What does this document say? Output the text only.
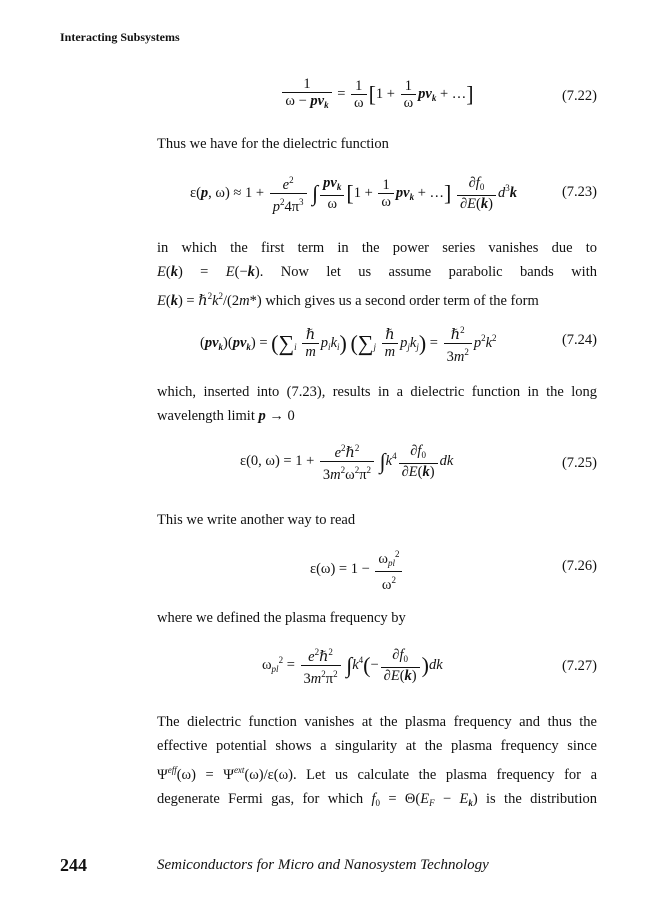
Interacting Subsystems
$\frac{1}{\omega - pv_k} = \frac{1}{\omega} [1 + \frac{1}{\omega} pv_k$ + …]	(7.22)
Thus we have for the dielectric function
ε(p, $\omega) \approx 1 + \frac{e^2}{p^24\pi^3}$ ∫ $\frac{pv_k}{\omega} [1 + \frac{1}{\omega} pv_k$ + …] $\frac{\partial f_0}{\partial E(k)} d^3k$	(7.23)
in which the first term in the power series vanishes due to
E(k) = E(−k). Now let us assume parabolic bands with
$E(k) = \hbar^2k^2/(2m*)$ which gives us a second order term of the form
$(pv_k)(pv_k) = (\sum_i \frac{\text{ℏ}}{m} p_ik_i)$ $(\sum_j \frac{\text{ℏ}}{m} p_jk_j) = \frac{\hbar^2}{3m^2} p^2k^2$	(7.24)
which, inserted into (7.23), results in a dielectric function in the long
wavelength limit p → 0
ε(0, $\omega) = 1 + \frac{e^2\hbar^2}{3m^2\omega^2\pi^2} \int k^4 \frac{\partial f_0}{\partial E(k)}$ dk	(7.25)
This we write another way to read
$\varepsilon(\omega) = 1 - \frac{\omega_{pl}^2}{\omega^2}$	(7.26)
where we defined the plasma frequency by
$\omega_{pl}^2 = \frac{e^2\hbar^2}{3m^2\pi^2} \int k^4(- \frac{\partial f_0}{\partial E(k)} )dk$	(7.27)
The dielectric function vanishes at the plasma frequency and thus the
effective potential shows a singularity at the plasma frequency since
$\Psi^{eff}(\omega) = \Psi^{ext}(\omega)/\varepsilon(\omega)$. Let us calculate the plasma frequency for a
degenerate Fermi gas, for which $f_0 = \Theta(E_F - E_k)$ is the distribution
244	Semiconductors for Micro and Nanosystem Technology
